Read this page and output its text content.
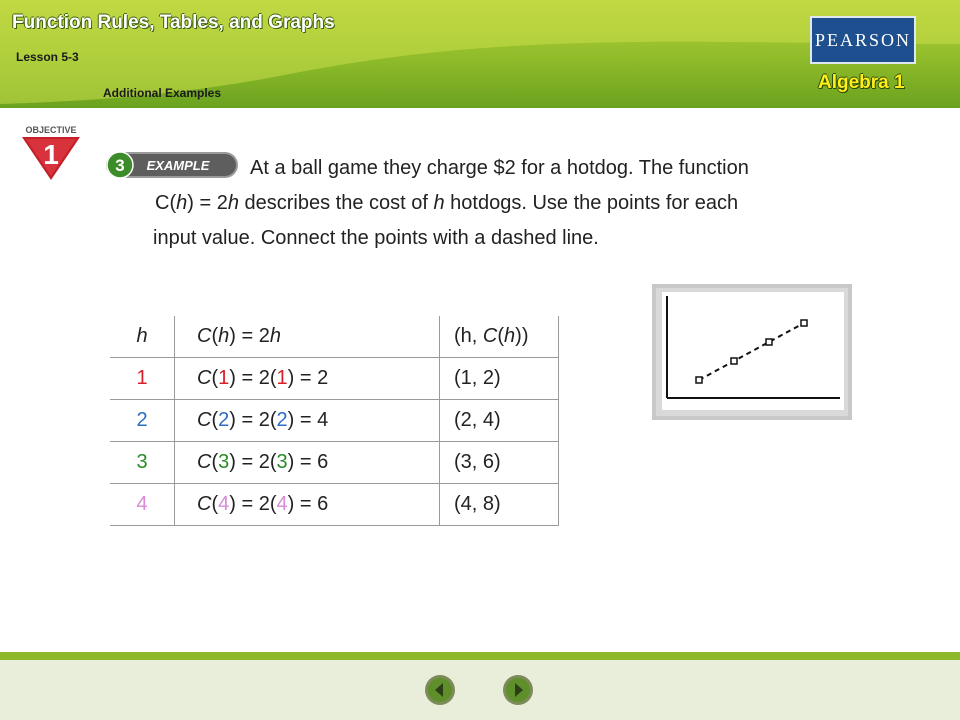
Function Rules, Tables, and Graphs
Lesson 5-3
Additional Examples
PEARSON
Algebra 1
OBJECTIVE
1	3 EXAMPLE At a ball game they charge $2 for a hotdog. The function
C(h) = 2h describes the cost of h hotdogs. Use the points for each
input value. Connect the points with a dashed line.
h	C(h) = 2h	(h, C(h))
1	C(1) = 2(1) = 2	(1, 2)
2	C(2) = 2(2) = 4	(2, 4)
3	C(3) = 2(3) = 6	(3, 6)
4	C(4) = 2(4) = 6	(4, 8)
